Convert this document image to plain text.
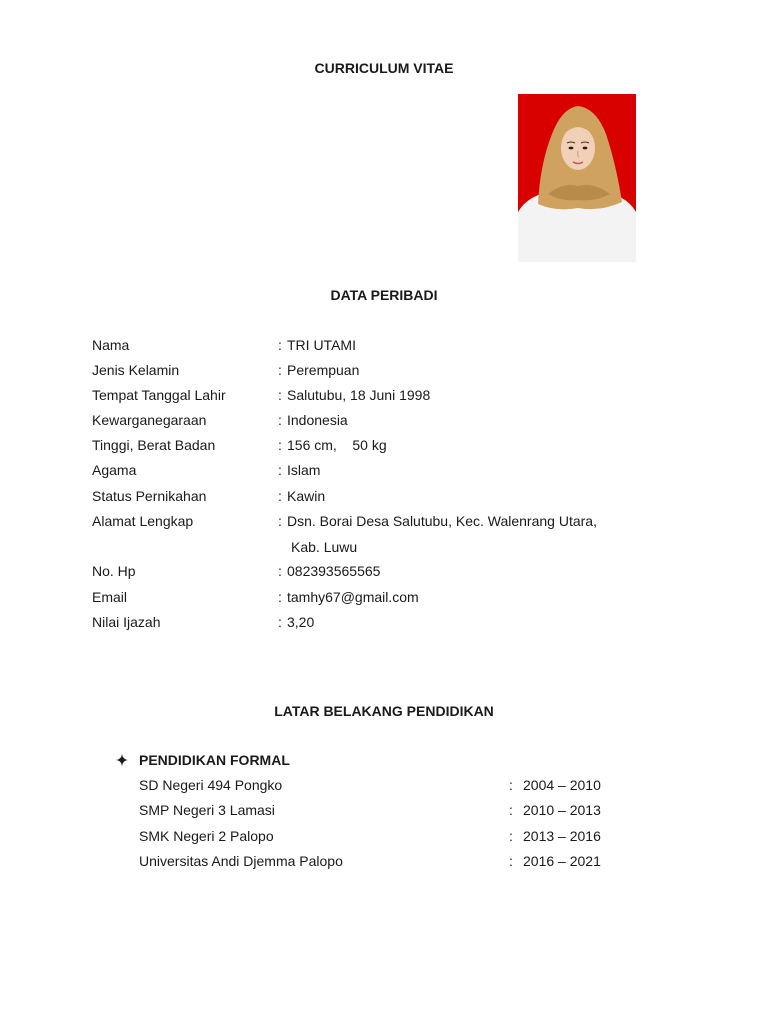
CURRICULUM VITAE
DATA PERIBADI
Nama	: TRI UTAMI
Jenis Kelamin	: Perempuan
Tempat Tanggal Lahir	: Salutubu, 18 Juni 1998
Kewarganegaraan	: Indonesia
Tinggi, Berat Badan	: 156 cm,    50 kg
Agama	: Islam
Status Pernikahan	: Kawin
Alamat Lengkap	: Dsn. Borai Desa Salutubu, Kec. Walenrang Utara,
Kab. Luwu
No. Hp	: 082393565565
Email	: tamhy67@gmail.com
Nilai Ijazah	: 3,20
LATAR BELAKANG PENDIDIKAN
PENDIDIKAN FORMAL
SD Negeri 494 Pongko	: 2004 – 2010
SMP Negeri 3 Lamasi	: 2010 – 2013
SMK Negeri 2 Palopo	: 2013 – 2016
Universitas Andi Djemma Palopo	: 2016 – 2021
